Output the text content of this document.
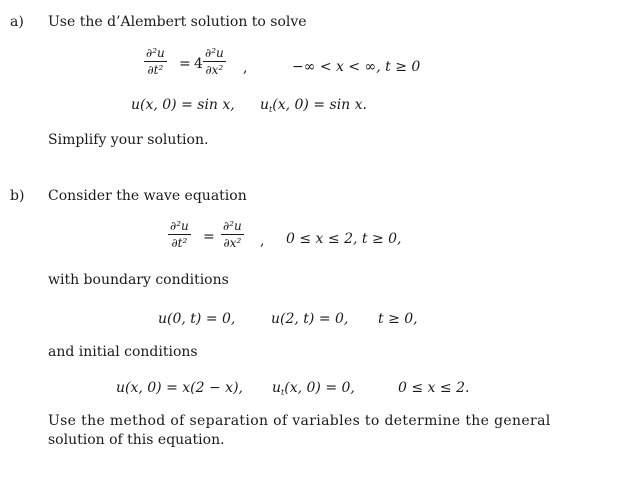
a) Use the d’Alembert solution to solve
∂²u
∂t² = 4
∂²u
∂x² ,	−∞ < x < ∞, t ≥ 0
u(x, 0) = sin x, $u_t(x$, 0) = sin x.
Simplify your solution.
b) Consider the wave equation
∂²u
∂t² =
∂²u
∂x² , 0 ≤ x ≤ 2, t ≥ 0,
with boundary conditions
u(0, t) = 0,	u(2, t) = 0, t ≥ 0,
and initial conditions
u(x, 0) = x(2 − x), $u_t(x$, 0) = 0,	0 ≤ x ≤ 2.
Use the method of separation of variables to determine the general
solution of this equation.
